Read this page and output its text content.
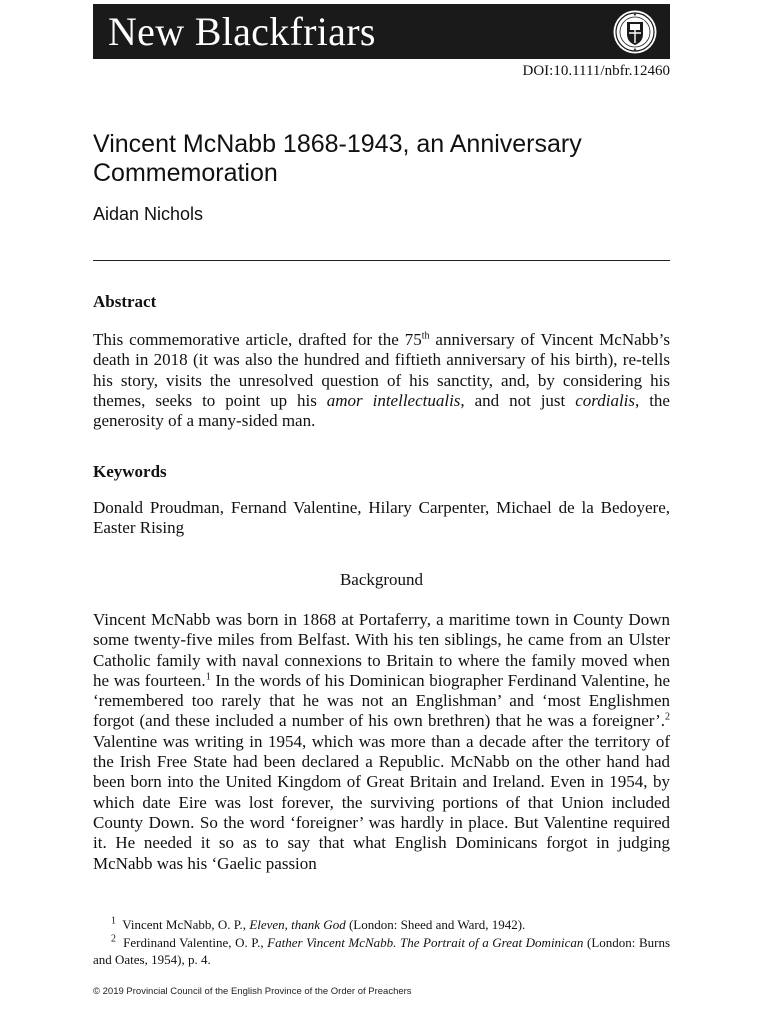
New Blackfriars
DOI:10.1111/nbfr.12460
Vincent McNabb 1868-1943, an Anniversary Commemoration
Aidan Nichols
Abstract

This commemorative article, drafted for the 75th anniversary of Vincent McNabb’s death in 2018 (it was also the hundred and fiftieth anniversary of his birth), re-tells his story, visits the unresolved question of his sanctity, and, by considering his themes, seeks to point up his amor intellectualis, and not just cordialis, the generosity of a many-sided man.

Keywords

Donald Proudman, Fernand Valentine, Hilary Carpenter, Michael de la Bedoyere, Easter Rising

Background

Vincent McNabb was born in 1868 at Portaferry, a maritime town in County Down some twenty-five miles from Belfast. With his ten siblings, he came from an Ulster Catholic family with naval connexions to Britain to where the family moved when he was fourteen.$^1$ In the words of his Dominican biographer Ferdinand Valentine, he ‘remembered too rarely that he was not an Englishman’ and ‘most Englishmen forgot (and these included a number of his own brethren) that he was a foreigner’.$^2$ Valentine was writing in 1954, which was more than a decade after the territory of the Irish Free State had been declared a Republic. McNabb on the other hand had been born into the United Kingdom of Great Britain and Ireland. Even in 1954, by which date Eire was lost forever, the surviving portions of that Union included County Down. So the word ‘foreigner’ was hardly in place. But Valentine required it. He needed it so as to say that what English Dominicans forgot in judging McNabb was his ‘Gaelic passion

$^1$ Vincent McNabb, O. P., Eleven, thank God (London: Sheed and Ward, 1942).

$^2$ Ferdinand Valentine, O. P., Father Vincent McNabb. The Portrait of a Great Dominican (London: Burns and Oates, 1954), p. 4.

© 2019 Provincial Council of the English Province of the Order of Preachers
